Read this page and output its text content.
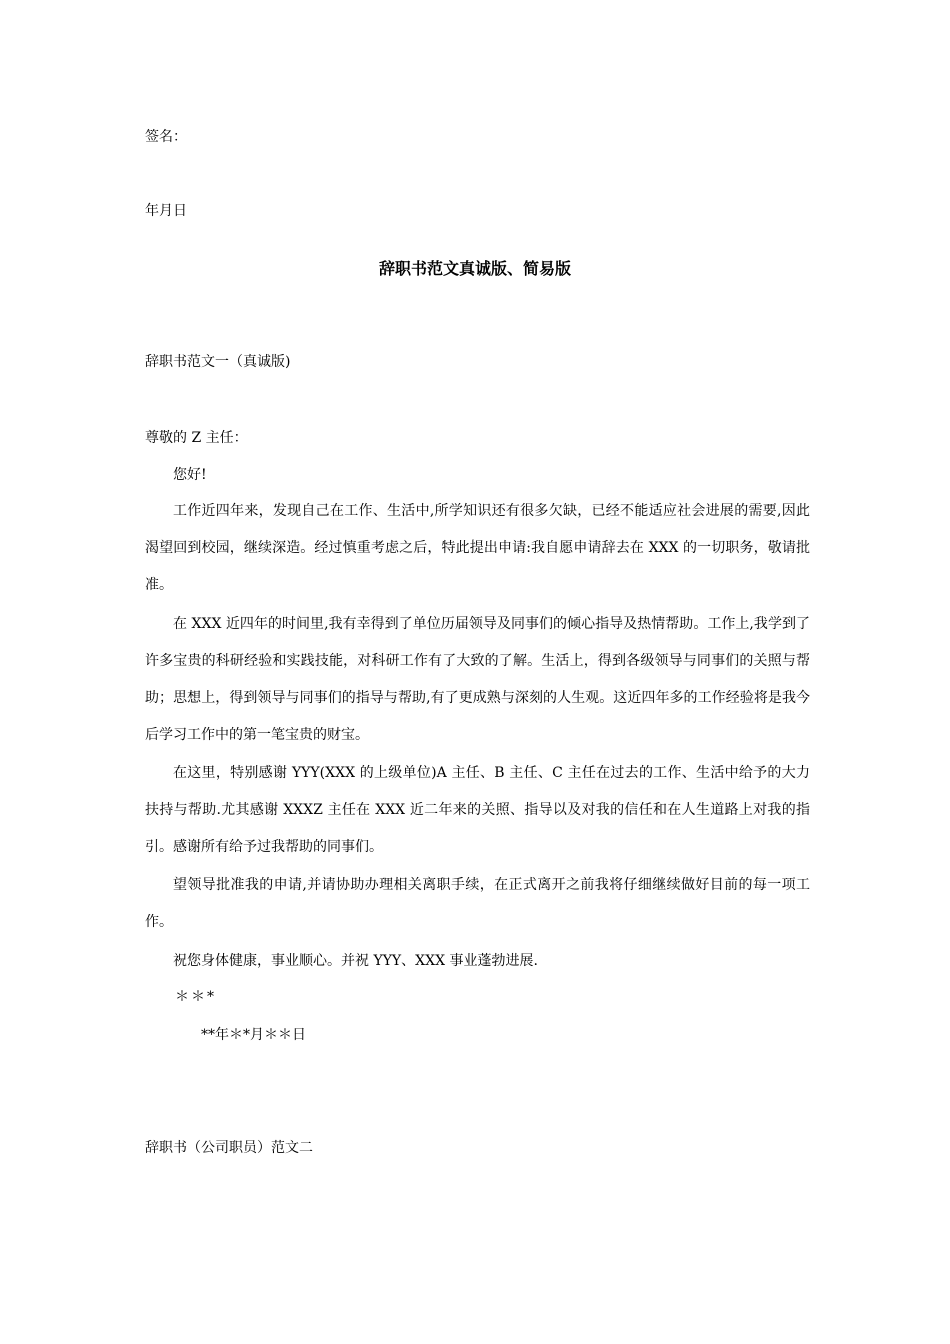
签名：
年月日
辞职书范文真诚版、简易版
辞职书范文一（真诚版)
尊敬的 Z 主任：
您好!

工作近四年来，发现自己在工作、生活中,所学知识还有很多欠缺，已经不能适应社会进展的需要,因此渴望回到校园，继续深造。经过慎重考虑之后，特此提出申请:我自愿申请辞去在 XXX 的一切职务，敬请批准。

在 XXX 近四年的时间里,我有幸得到了单位历届领导及同事们的倾心指导及热情帮助。工作上,我学到了许多宝贵的科研经验和实践技能，对科研工作有了大致的了解。生活上，得到各级领导与同事们的关照与帮助；思想上，得到领导与同事们的指导与帮助,有了更成熟与深刻的人生观。这近四年多的工作经验将是我今后学习工作中的第一笔宝贵的财宝。

在这里，特别感谢 YYY(XXX 的上级单位)A 主任、B 主任、C 主任在过去的工作、生活中给予的大力扶持与帮助.尤其感谢 XXXZ 主任在 XXX 近二年来的关照、指导以及对我的信任和在人生道路上对我的指引。感谢所有给予过我帮助的同事们。

望领导批准我的申请,并请协助办理相关离职手续，在正式离开之前我将仔细继续做好目前的每一项工作。

祝您身体健康，事业顺心。并祝 YYY、XXX 事业蓬勃进展.

＊＊*
**年＊*月＊＊日
辞职书（公司职员）范文二
